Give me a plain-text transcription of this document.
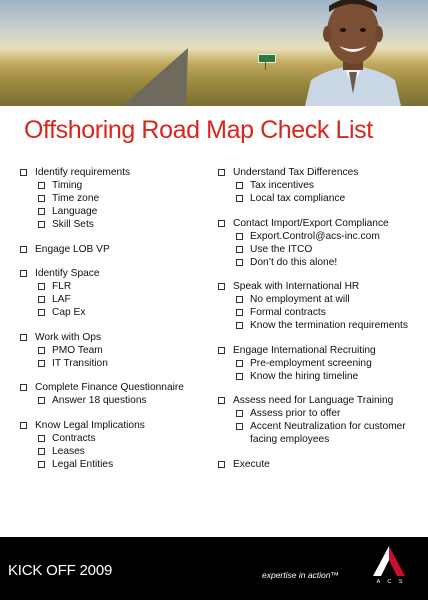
Offshoring Road Map Check List
Identify requirements
Timing
Time zone
Language
Skill Sets
Engage LOB VP
Identify Space
FLR
LAF
Cap Ex
Work with Ops
PMO Team
IT Transition
Complete Finance Questionnaire
Answer 18 questions
Know Legal Implications
Contracts
Leases
Legal Entities
Understand Tax Differences
Tax incentives
Local tax compliance
Contact Import/Export Compliance
Export.Control@acs-inc.com
Use the ITCO
Don’t do this alone!
Speak with International HR
No employment at will
Formal contracts
Know the termination requirements
Engage International Recruiting
Pre-employment screening
Know the hiring timeline
Assess need for Language Training
Assess prior to offer
Accent Neutralization for customer facing employees
Execute
KICK OFF 2009	expertise in action™
A C S
